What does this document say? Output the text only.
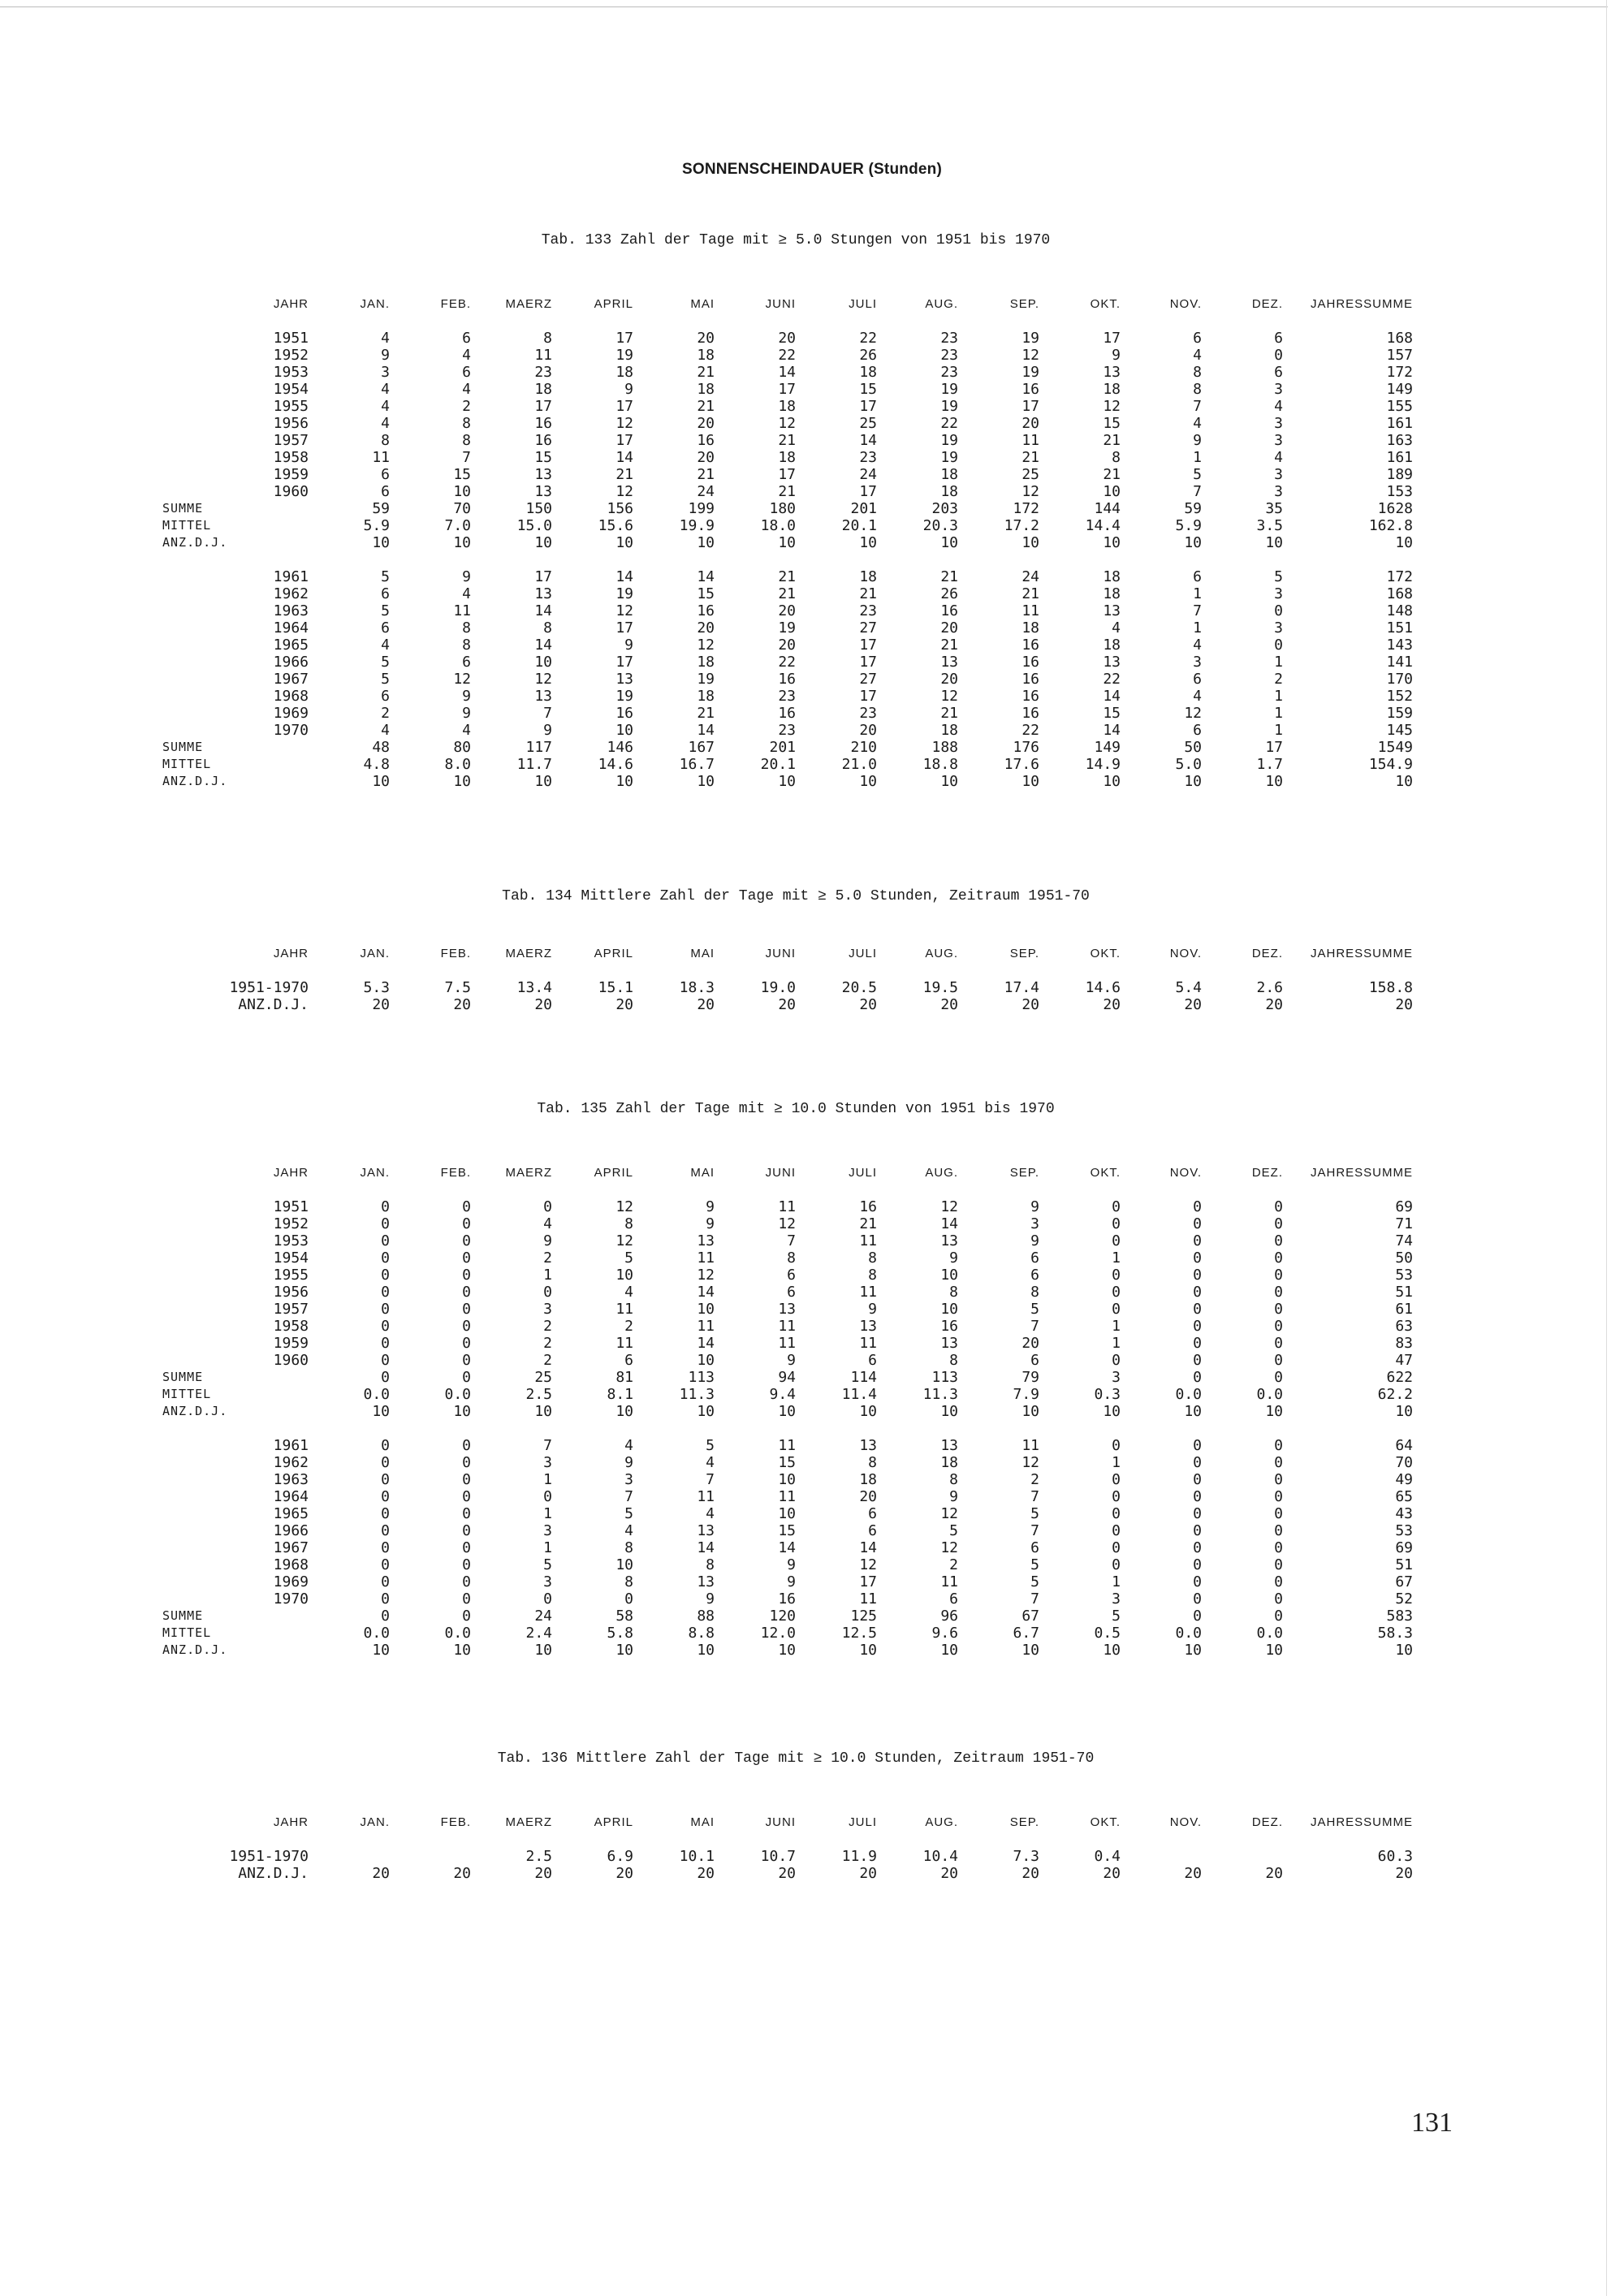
SONNENSCHEINDAUER (Stunden)
Tab. 133 Zahl der Tage mit ≥ 5.0 Stungen von 1951 bis 1970
JAHR	JAN.	FEB.	MAERZ	APRIL	MAI	JUNI	JULI	AUG.	SEP.	OKT.	NOV.	DEZ.	JAHRESSUMME

1951	4	6	8	17	20	20	22	23	19	17	6	6	168
1952	9	4	11	19	18	22	26	23	12	9	4	0	157
1953	3	6	23	18	21	14	18	23	19	13	8	6	172
1954	4	4	18	9	18	17	15	19	16	18	8	3	149
1955	4	2	17	17	21	18	17	19	17	12	7	4	155
1956	4	8	16	12	20	12	25	22	20	15	4	3	161
1957	8	8	16	17	16	21	14	19	11	21	9	3	163
1958	11	7	15	14	20	18	23	19	21	8	1	4	161
1959	6	15	13	21	21	17	24	18	25	21	5	3	189
1960	6	10	13	12	24	21	17	18	12	10	7	3	153
SUMME	59	70	150	156	199	180	201	203	172	144	59	35	1628
MITTEL	5.9	7.0	15.0	15.6	19.9	18.0	20.1	20.3	17.2	14.4	5.9	3.5	162.8
ANZ.D.J.	10	10	10	10	10	10	10	10	10	10	10	10	10

1961	5	9	17	14	14	21	18	21	24	18	6	5	172
1962	6	4	13	19	15	21	21	26	21	18	1	3	168
1963	5	11	14	12	16	20	23	16	11	13	7	0	148
1964	6	8	8	17	20	19	27	20	18	4	1	3	151
1965	4	8	14	9	12	20	17	21	16	18	4	0	143
1966	5	6	10	17	18	22	17	13	16	13	3	1	141
1967	5	12	12	13	19	16	27	20	16	22	6	2	170
1968	6	9	13	19	18	23	17	12	16	14	4	1	152
1969	2	9	7	16	21	16	23	21	16	15	12	1	159
1970	4	4	9	10	14	23	20	18	22	14	6	1	145
SUMME	48	80	117	146	167	201	210	188	176	149	50	17	1549
MITTEL	4.8	8.0	11.7	14.6	16.7	20.1	21.0	18.8	17.6	14.9	5.0	1.7	154.9
ANZ.D.J.	10	10	10	10	10	10	10	10	10	10	10	10	10
Tab. 134 Mittlere Zahl der Tage mit ≥ 5.0 Stunden, Zeitraum 1951-70
JAHR	JAN.	FEB.	MAERZ	APRIL	MAI	JUNI	JULI	AUG.	SEP.	OKT.	NOV.	DEZ.	JAHRESSUMME

1951-1970	5.3	7.5	13.4	15.1	18.3	19.0	20.5	19.5	17.4	14.6	5.4	2.6	158.8
ANZ.D.J.	20	20	20	20	20	20	20	20	20	20	20	20	20
Tab. 135 Zahl der Tage mit ≥ 10.0 Stunden von 1951 bis 1970
JAHR	JAN.	FEB.	MAERZ	APRIL	MAI	JUNI	JULI	AUG.	SEP.	OKT.	NOV.	DEZ.	JAHRESSUMME

1951	0	0	0	12	9	11	16	12	9	0	0	0	69
1952	0	0	4	8	9	12	21	14	3	0	0	0	71
1953	0	0	9	12	13	7	11	13	9	0	0	0	74
1954	0	0	2	5	11	8	8	9	6	1	0	0	50
1955	0	0	1	10	12	6	8	10	6	0	0	0	53
1956	0	0	0	4	14	6	11	8	8	0	0	0	51
1957	0	0	3	11	10	13	9	10	5	0	0	0	61
1958	0	0	2	2	11	11	13	16	7	1	0	0	63
1959	0	0	2	11	14	11	11	13	20	1	0	0	83
1960	0	0	2	6	10	9	6	8	6	0	0	0	47
SUMME	0	0	25	81	113	94	114	113	79	3	0	0	622
MITTEL	0.0	0.0	2.5	8.1	11.3	9.4	11.4	11.3	7.9	0.3	0.0	0.0	62.2
ANZ.D.J.	10	10	10	10	10	10	10	10	10	10	10	10	10

1961	0	0	7	4	5	11	13	13	11	0	0	0	64
1962	0	0	3	9	4	15	8	18	12	1	0	0	70
1963	0	0	1	3	7	10	18	8	2	0	0	0	49
1964	0	0	0	7	11	11	20	9	7	0	0	0	65
1965	0	0	1	5	4	10	6	12	5	0	0	0	43
1966	0	0	3	4	13	15	6	5	7	0	0	0	53
1967	0	0	1	8	14	14	14	12	6	0	0	0	69
1968	0	0	5	10	8	9	12	2	5	0	0	0	51
1969	0	0	3	8	13	9	17	11	5	1	0	0	67
1970	0	0	0	0	9	16	11	6	7	3	0	0	52
SUMME	0	0	24	58	88	120	125	96	67	5	0	0	583
MITTEL	0.0	0.0	2.4	5.8	8.8	12.0	12.5	9.6	6.7	0.5	0.0	0.0	58.3
ANZ.D.J.	10	10	10	10	10	10	10	10	10	10	10	10	10
Tab. 136 Mittlere Zahl der Tage mit ≥ 10.0 Stunden, Zeitraum 1951-70
JAHR	JAN.	FEB.	MAERZ	APRIL	MAI	JUNI	JULI	AUG.	SEP.	OKT.	NOV.	DEZ.	JAHRESSUMME

1951-1970			2.5	6.9	10.1	10.7	11.9	10.4	7.3	0.4			60.3
ANZ.D.J.	20	20	20	20	20	20	20	20	20	20	20	20	20
131
